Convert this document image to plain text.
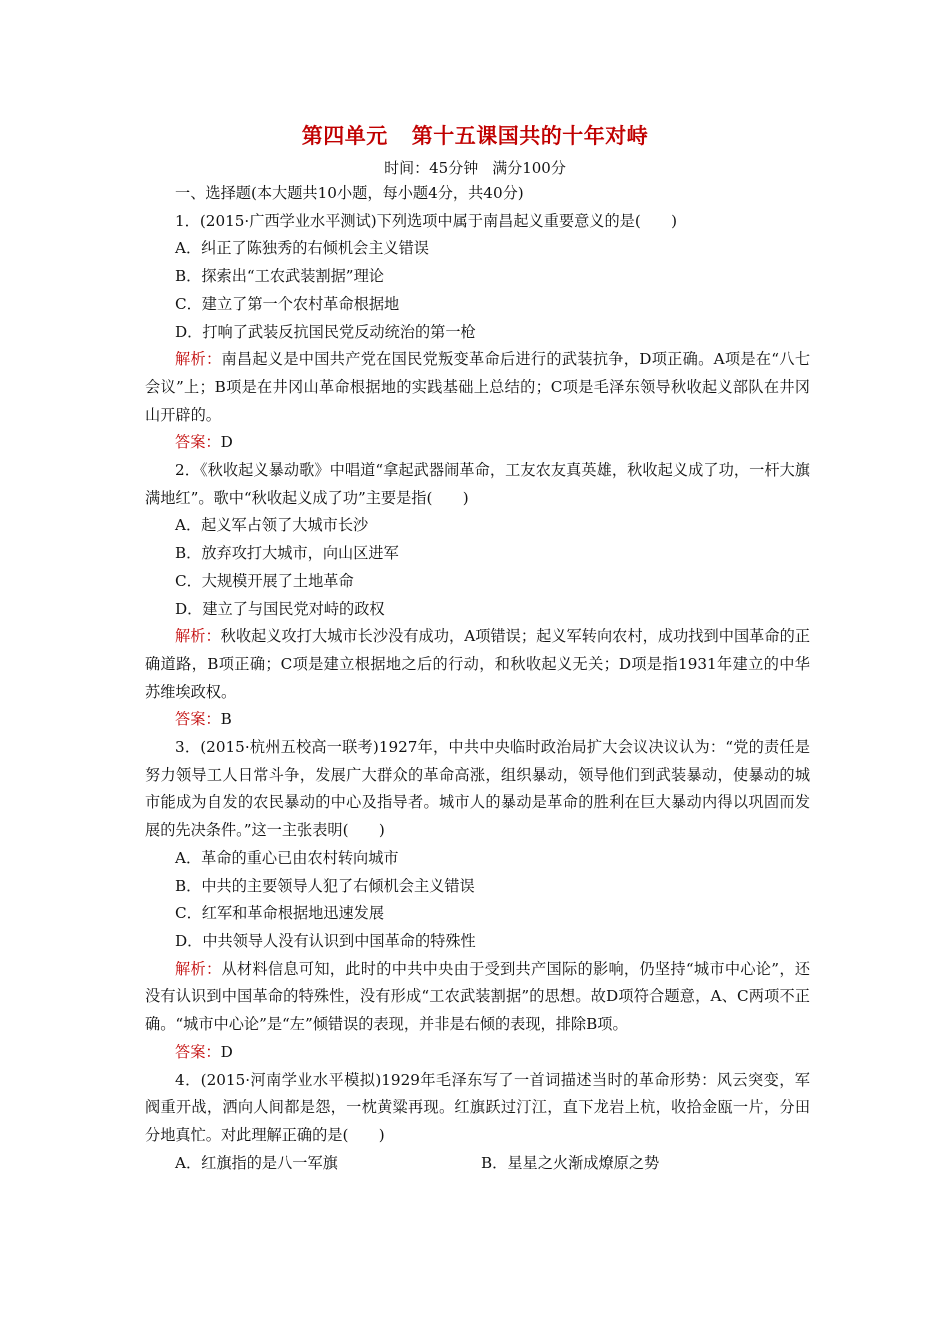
第四单元 第十五课国共的十年对峙
时间：45分钟 满分100分

一、选择题(本大题共10小题，每小题4分，共40分)

1．(2015·广西学业水平测试)下列选项中属于南昌起义重要意义的是(　　)

A．纠正了陈独秀的右倾机会主义错误

B．探索出“工农武装割据”理论

C．建立了第一个农村革命根据地

D．打响了武装反抗国民党反动统治的第一枪

解析：南昌起义是中国共产党在国民党叛变革命后进行的武装抗争，D项正确。A项是在“八七会议”上；B项是在井冈山革命根据地的实践基础上总结的；C项是毛泽东领导秋收起义部队在井冈山开辟的。

答案：D

2．《秋收起义暴动歌》中唱道“拿起武器闹革命，工友农友真英雄，秋收起义成了功，一杆大旗满地红”。歌中“秋收起义成了功”主要是指(　　)

A．起义军占领了大城市长沙

B．放弃攻打大城市，向山区进军

C．大规模开展了土地革命

D．建立了与国民党对峙的政权

解析：秋收起义攻打大城市长沙没有成功，A项错误；起义军转向农村，成功找到中国革命的正确道路，B项正确；C项是建立根据地之后的行动，和秋收起义无关；D项是指1931年建立的中华苏维埃政权。

答案：B

3．(2015·杭州五校高一联考)1927年，中共中央临时政治局扩大会议决议认为：“党的责任是努力领导工人日常斗争，发展广大群众的革命高涨，组织暴动，领导他们到武装暴动，使暴动的城市能成为自发的农民暴动的中心及指导者。城市人的暴动是革命的胜利在巨大暴动内得以巩固而发展的先决条件。”这一主张表明(　　)

A．革命的重心已由农村转向城市

B．中共的主要领导人犯了右倾机会主义错误

C．红军和革命根据地迅速发展

D．中共领导人没有认识到中国革命的特殊性

解析：从材料信息可知，此时的中共中央由于受到共产国际的影响，仍坚持“城市中心论”，还没有认识到中国革命的特殊性，没有形成“工农武装割据”的思想。故D项符合题意，A、C两项不正确。“城市中心论”是“左”倾错误的表现，并非是右倾的表现，排除B项。

答案：D

4．(2015·河南学业水平模拟)1929年毛泽东写了一首词描述当时的革命形势：风云突变，军阀重开战，洒向人间都是怨，一枕黄粱再现。红旗跃过汀江，直下龙岩上杭，收拾金瓯一片，分田分地真忙。对此理解正确的是(　　)

A．红旗指的是八一军旗	B．星星之火渐成燎原之势
